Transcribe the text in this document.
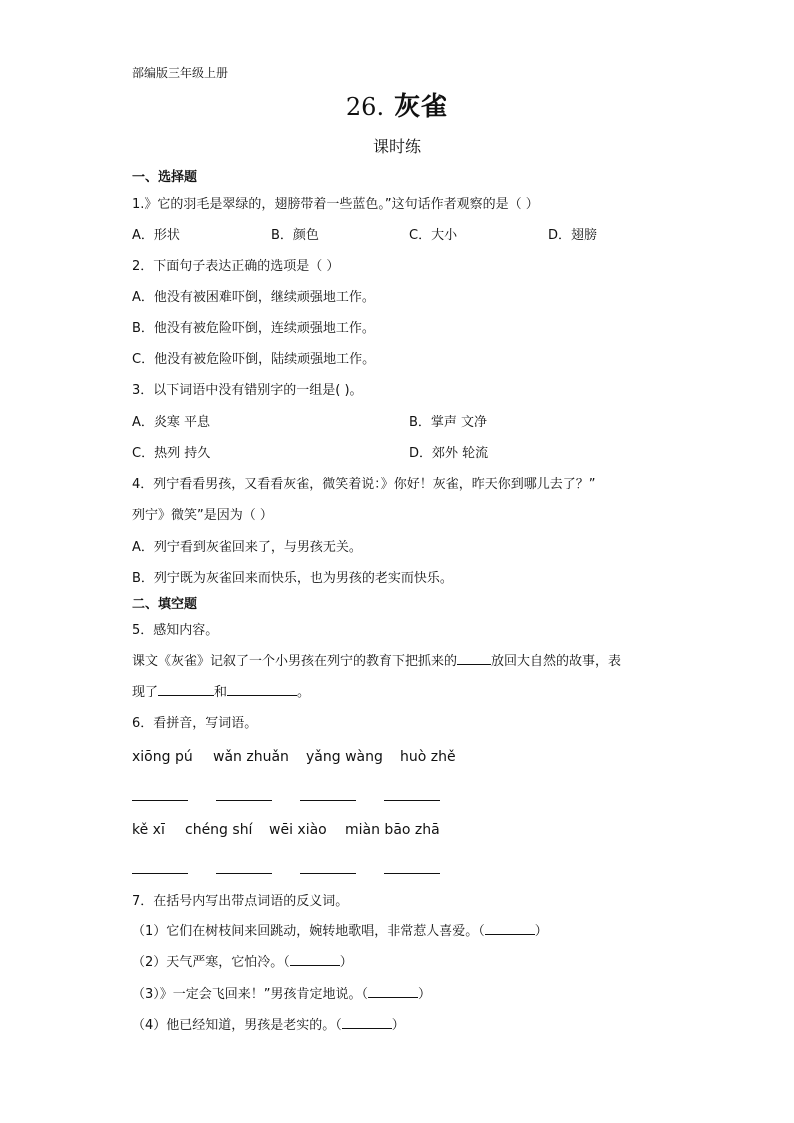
部编版三年级上册
26. 灰雀
课时练
一、选择题
1.》它的羽毛是翠绿的，翅膀带着一些蓝色。”这句话作者观察的是（ ）
A．形状	B．颜色	C．大小	D．翅膀
2．下面句子表达正确的选项是（ ）
A．他没有被困难吓倒，继续顽强地工作。
B．他没有被危险吓倒，连续顽强地工作。
C．他没有被危险吓倒，陆续顽强地工作。
3．以下词语中没有错别字的一组是( )。
A．炎寒 平息	B．掌声 文净
C．热列 持久	D．郊外 轮流
4．列宁看看男孩，又看看灰雀，微笑着说：》你好！灰雀，昨天你到哪儿去了？”
列宁》微笑”是因为（ ）
A．列宁看到灰雀回来了，与男孩无关。
B．列宁既为灰雀回来而快乐，也为男孩的老实而快乐。
二、填空题
5．感知内容。
课文《灰雀》记叙了一个小男孩在列宁的教育下把抓来的	放回大自然的故事，表
现了	和	。
6．看拼音，写词语。
xiōng pú wǎn zhuǎn yǎng wàng huò zhě
kě xī chéng shí wēi xiào miàn bāo zhā
7．在括号内写出带点词语的反义词。
（1）它们在树枝间来回跳动，婉转地歌唱，非常惹人喜爱。（	）
（2）天气严寒，它怕冷。（	）
（3）》一定会飞回来！”男孩肯定地说。（	）
（4）他已经知道，男孩是老实的。（	）
